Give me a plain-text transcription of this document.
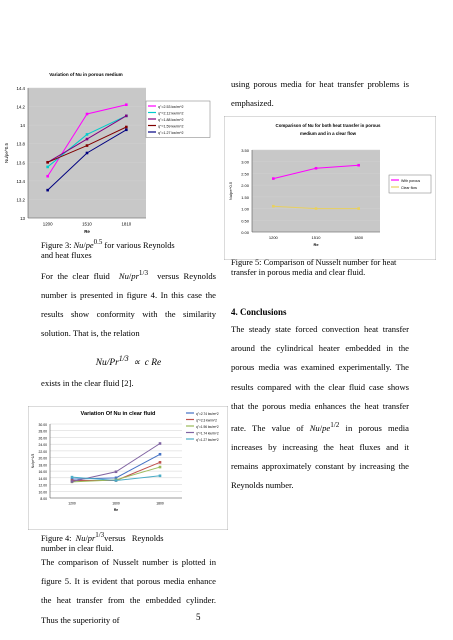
Variation of Nu in porous medium
14.4
14.2
14
13.8
13.6
13.4
13.2
13
1200	1510	1810
Re
Nu/pe^0.5
q''=2.53 kw/m^2
q''=2.12 kw/m^2
q''=1.88 kw/m^2
q''=1.59 kw/m^2
q''=1.27 kw/m^2
Figure 3: $Nu/pe^{0.5}$ for various Reynolds
and heat fluxes
For the clear fluid  $Nu/pr^{1/3}$  versus Reynolds number is presented in figure 4. In this case the results show conformity with the similarity solution. That is, the relation
$Nu/Pr^{1/3} \propto c$ Re
exists in the clear fluid [2].
Variation Of Nu in clear fluid
30.00
28.00
26.00
24.00
22.00
20.00
18.00
16.00
14.00
12.00
10.00
8.00
1200	1600	1800
Re
Nu/pr^1/3
q''=2.74 kw/m^2
q''=2.3 kw/m^2
q''=1.96 kw/m^2
q''=1.74 kw/m^2
q''=1.27 kw/m^2
Figure 4:  $Nu/pr^{1/3}versus$   Reynolds
number in clear fluid.
The comparison of Nusselt number is plotted in figure 5. It is evident that porous media enhance the heat transfer from the embedded cylinder. Thus the superiority of
using porous media for heat transfer problems is emphasized.
Comparison of Nu for both heat transfer in porous
medium and in a clear flow
3.50
3.00
2.50
2.00
1.50
1.00
0.50
0.00
1200	1510	1800
Re
Nu/pe^0.5
With porous
Clear flow
Figure 5: Comparison of Nusselt number for heat transfer in porous media and clear fluid.
4. Conclusions
The steady state forced convection heat transfer around the cylindrical heater embedded in the porous media was examined experimentally. The results compared with the clear fluid case shows that the porous media enhances the heat transfer rate. The value of $Nu/pe^{1/2}$ in porous media increases by increasing the heat fluxes and it remains approximately constant by increasing the Reynolds number.
5
